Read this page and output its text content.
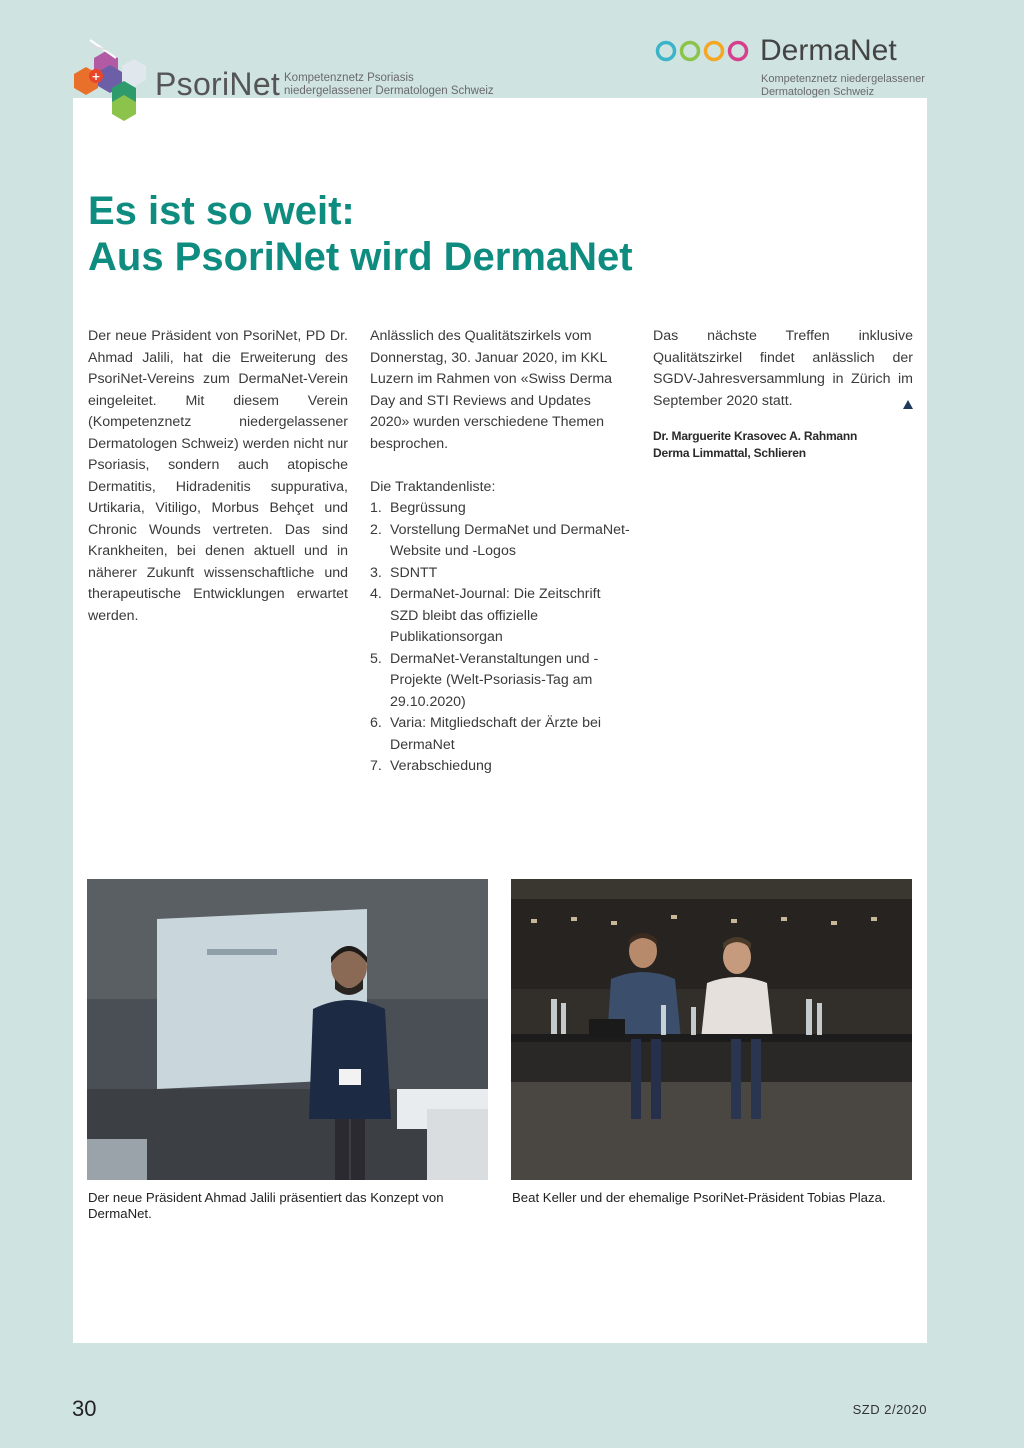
+ PsoriNet Kompetenznetz Psoriasis
niedergelassener Dermatologen Schweiz
DermaNet
Kompetenznetz niedergelassener
Dermatologen Schweiz
Es ist so weit:
Aus PsoriNet wird DermaNet

Der neue Präsident von PsoriNet, PD Dr. Ahmad Jalili, hat die Erweiterung des PsoriNet-Vereins zum DermaNet-Verein eingeleitet. Mit diesem Verein (Kompetenznetz niedergelassener Dermatologen Schweiz) werden nicht nur Psoriasis, sondern auch atopische Dermatitis, Hidradenitis suppurativa, Urtikaria, Vitiligo, Morbus Behçet und Chronic Wounds vertreten. Das sind Krankheiten, bei denen aktuell und in näherer Zukunft wissenschaftliche und therapeutische Entwicklungen erwartet werden.

Anlässlich des Qualitätszirkels vom Donnerstag, 30. Januar 2020, im KKL Luzern im Rahmen von «Swiss Derma Day and STI Reviews and Updates 2020» wurden verschiedene Themen besprochen.

Die Traktandenliste:

1. Begrüssung
2. Vorstellung DermaNet und DermaNet-Website und -Logos
3. SDNTT
4. DermaNet-Journal: Die Zeitschrift SZD bleibt das offizielle Publikationsorgan
5. DermaNet-Veranstaltungen und -Projekte (Welt-Psoriasis-Tag am 29.10.2020)
6. Varia: Mitgliedschaft der Ärzte bei DermaNet
7. Verabschiedung

Das nächste Treffen inklusive Qualitätszirkel findet anlässlich der SGDV-Jahresversammlung in Zürich im September 2020 statt.

Dr. Marguerite Krasovec A. Rahmann
Derma Limmattal, Schlieren
Der neue Präsident Ahmad Jalili präsentiert das Konzept von DermaNet.
Beat Keller und der ehemalige PsoriNet-Präsident Tobias Plaza.
30	SZD 2/2020
